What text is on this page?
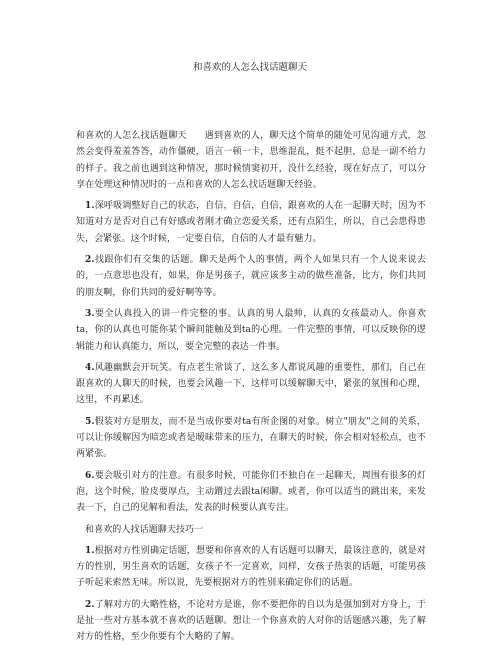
和喜欢的人怎么找话题聊天

和喜欢的人怎么找话题聊天 遇到喜欢的人，聊天这个简单的随处可见沟通方式，忽然会变得羞羞答答，动作僵硬，语言一顿一卡，思维混乱，挺不起胆，总是一副不给力的样子。我之前也遇到这种情况，那时候情窦初开，没什么经验，现在好点了，可以分享在处理这种情况时的一点和喜欢的人怎么找话题聊天经验。

1.深呼吸调整好自己的状态，自信，自信，自信，跟喜欢的人在一起聊天时，因为不知道对方是否对自己有好感或者刚才确立恋爱关系，还有点陌生，所以，自己会患得患失，会紧张。这个时候，一定要自信，自信的人才最有魅力。

2.找跟你们有交集的话题。聊天是两个人的事情，两个人如果只有一个人说来说去的，一点意思也没有，如果，你是男孩子，就应该多主动的做些准备，比方，你们共同的朋友啊，你们共同的爱好啊等等。

3.要全认真投入的讲一件完整的事。认真的男人最帅，认真的女孩最动人。你喜欢ta，你的认真也可能你某个瞬间能触及到ta的心理。一件完整的事情，可以反映你的逻辑能力和认真能力，所以，要全完整的表达一件事。

4.风趣幽默会开玩笑。有点老生常谈了，这么多人都说风趣的重要性，那们，自己在跟喜欢的人聊天的时候，也要会风趣一下，这样可以缓解聊天中，紧张的氛围和心理，这里，不再累述。

5.假装对方是朋友，而不是当成你要对ta有所企图的对象。树立"朋友"之间的关系，可以让你缓解因为暗恋或者是暧昧带来的压力，在聊天的时候，你会相对轻松点，也不两紧张。

6.要会吸引对方的注意。有很多时候，可能你们不独自在一起聊天，周围有很多的灯泡，这个时候，脸皮要厚点，主动蹭过去跟ta闲聊。或者，你可以适当的跳出来，来发表一下，自己的见解和看法，发表的时候要认真专注。

和喜欢的人找话题聊天技巧一

1.根据对方性别确定话题，想要和你喜欢的人有话题可以聊天，最该注意的，就是对方的性别，男生喜欢的话题，女孩子不一定喜欢，同样，女孩子热衷的话题，可能男孩子听起来索然无味。所以说，先要根据对方的性别来确定你们的话题。

2.了解对方的大略性格，不论对方是谁，你不要把你的自以为是强加到对方身上，于是扯一些对方基本就不喜欢的话题聊。想让一个你喜欢的人对你的话题感兴趣，先了解对方的性格，至少你要有个大略的了解。
